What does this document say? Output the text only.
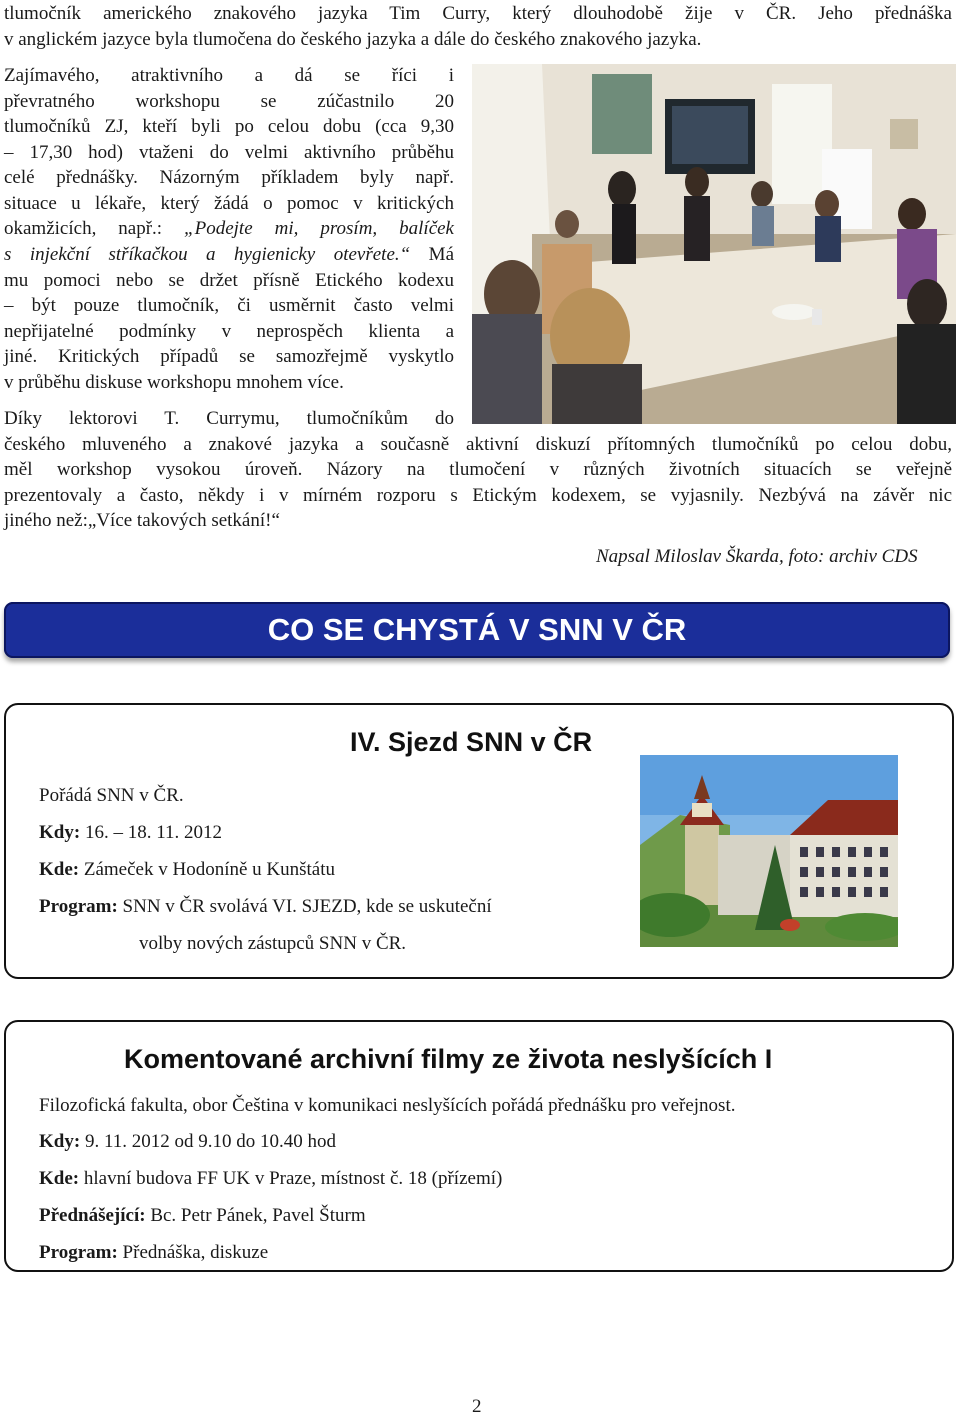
tlumočník amerického znakového jazyka Tim Curry, který dlouhodobě žije v ČR. Jeho přednáška
v anglickém jazyce byla tlumočena do českého jazyka a dále do českého znakového jazyka.
Zajímavého, atraktivního a dá se říci i
převratného workshopu se zúčastnilo 20
tlumočníků ZJ, kteří byli po celou dobu (cca 9,30
– 17,30 hod) vtaženi do velmi aktivního průběhu
celé přednášky. Názorným příkladem byly např.
situace u lékaře, který žádá o pomoc v kritických
okamžicích, např.: „Podejte mi, prosím, balíček
s injekční stříkačkou a hygienicky otevřete.“ Má
mu pomoci nebo se držet přísně Etického kodexu
– být pouze tlumočník, či usměrnit často velmi
nepřijatelné podmínky v neprospěch klienta a
jiné. Kritických případů se samozřejmě vyskytlo
v průběhu diskuse workshopu mnohem více.
Díky lektorovi T. Currymu, tlumočníkům do
českého mluveného a znakové jazyka a současně aktivní diskuzí přítomných tlumočníků po celou dobu,
měl workshop vysokou úroveň. Názory na tlumočení v různých životních situacích se veřejně
prezentovaly a často, někdy i v mírném rozporu s Etickým kodexem, se vyjasnily. Nezbývá na závěr nic
jiného než:„Více takových setkání!“
Napsal Miloslav Škarda, foto: archiv CDS
CO SE CHYSTÁ V SNN V ČR
IV. Sjezd SNN v ČR
Pořádá SNN v ČR.
Kdy: 16. – 18. 11. 2012
Kde: Zámeček v Hodoníně u Kunštátu
Program: SNN v ČR svolává VI. SJEZD, kde se uskuteční
volby nových zástupců SNN v ČR.
Komentované archivní filmy ze života neslyšících I
Filozofická fakulta, obor Čeština v komunikaci neslyšících pořádá přednášku pro veřejnost.
Kdy: 9. 11. 2012 od 9.10 do 10.40 hod
Kde: hlavní budova FF UK v Praze, místnost č. 18 (přízemí)
Přednášející: Bc. Petr Pánek, Pavel Šturm
Program: Přednáška, diskuze
2
